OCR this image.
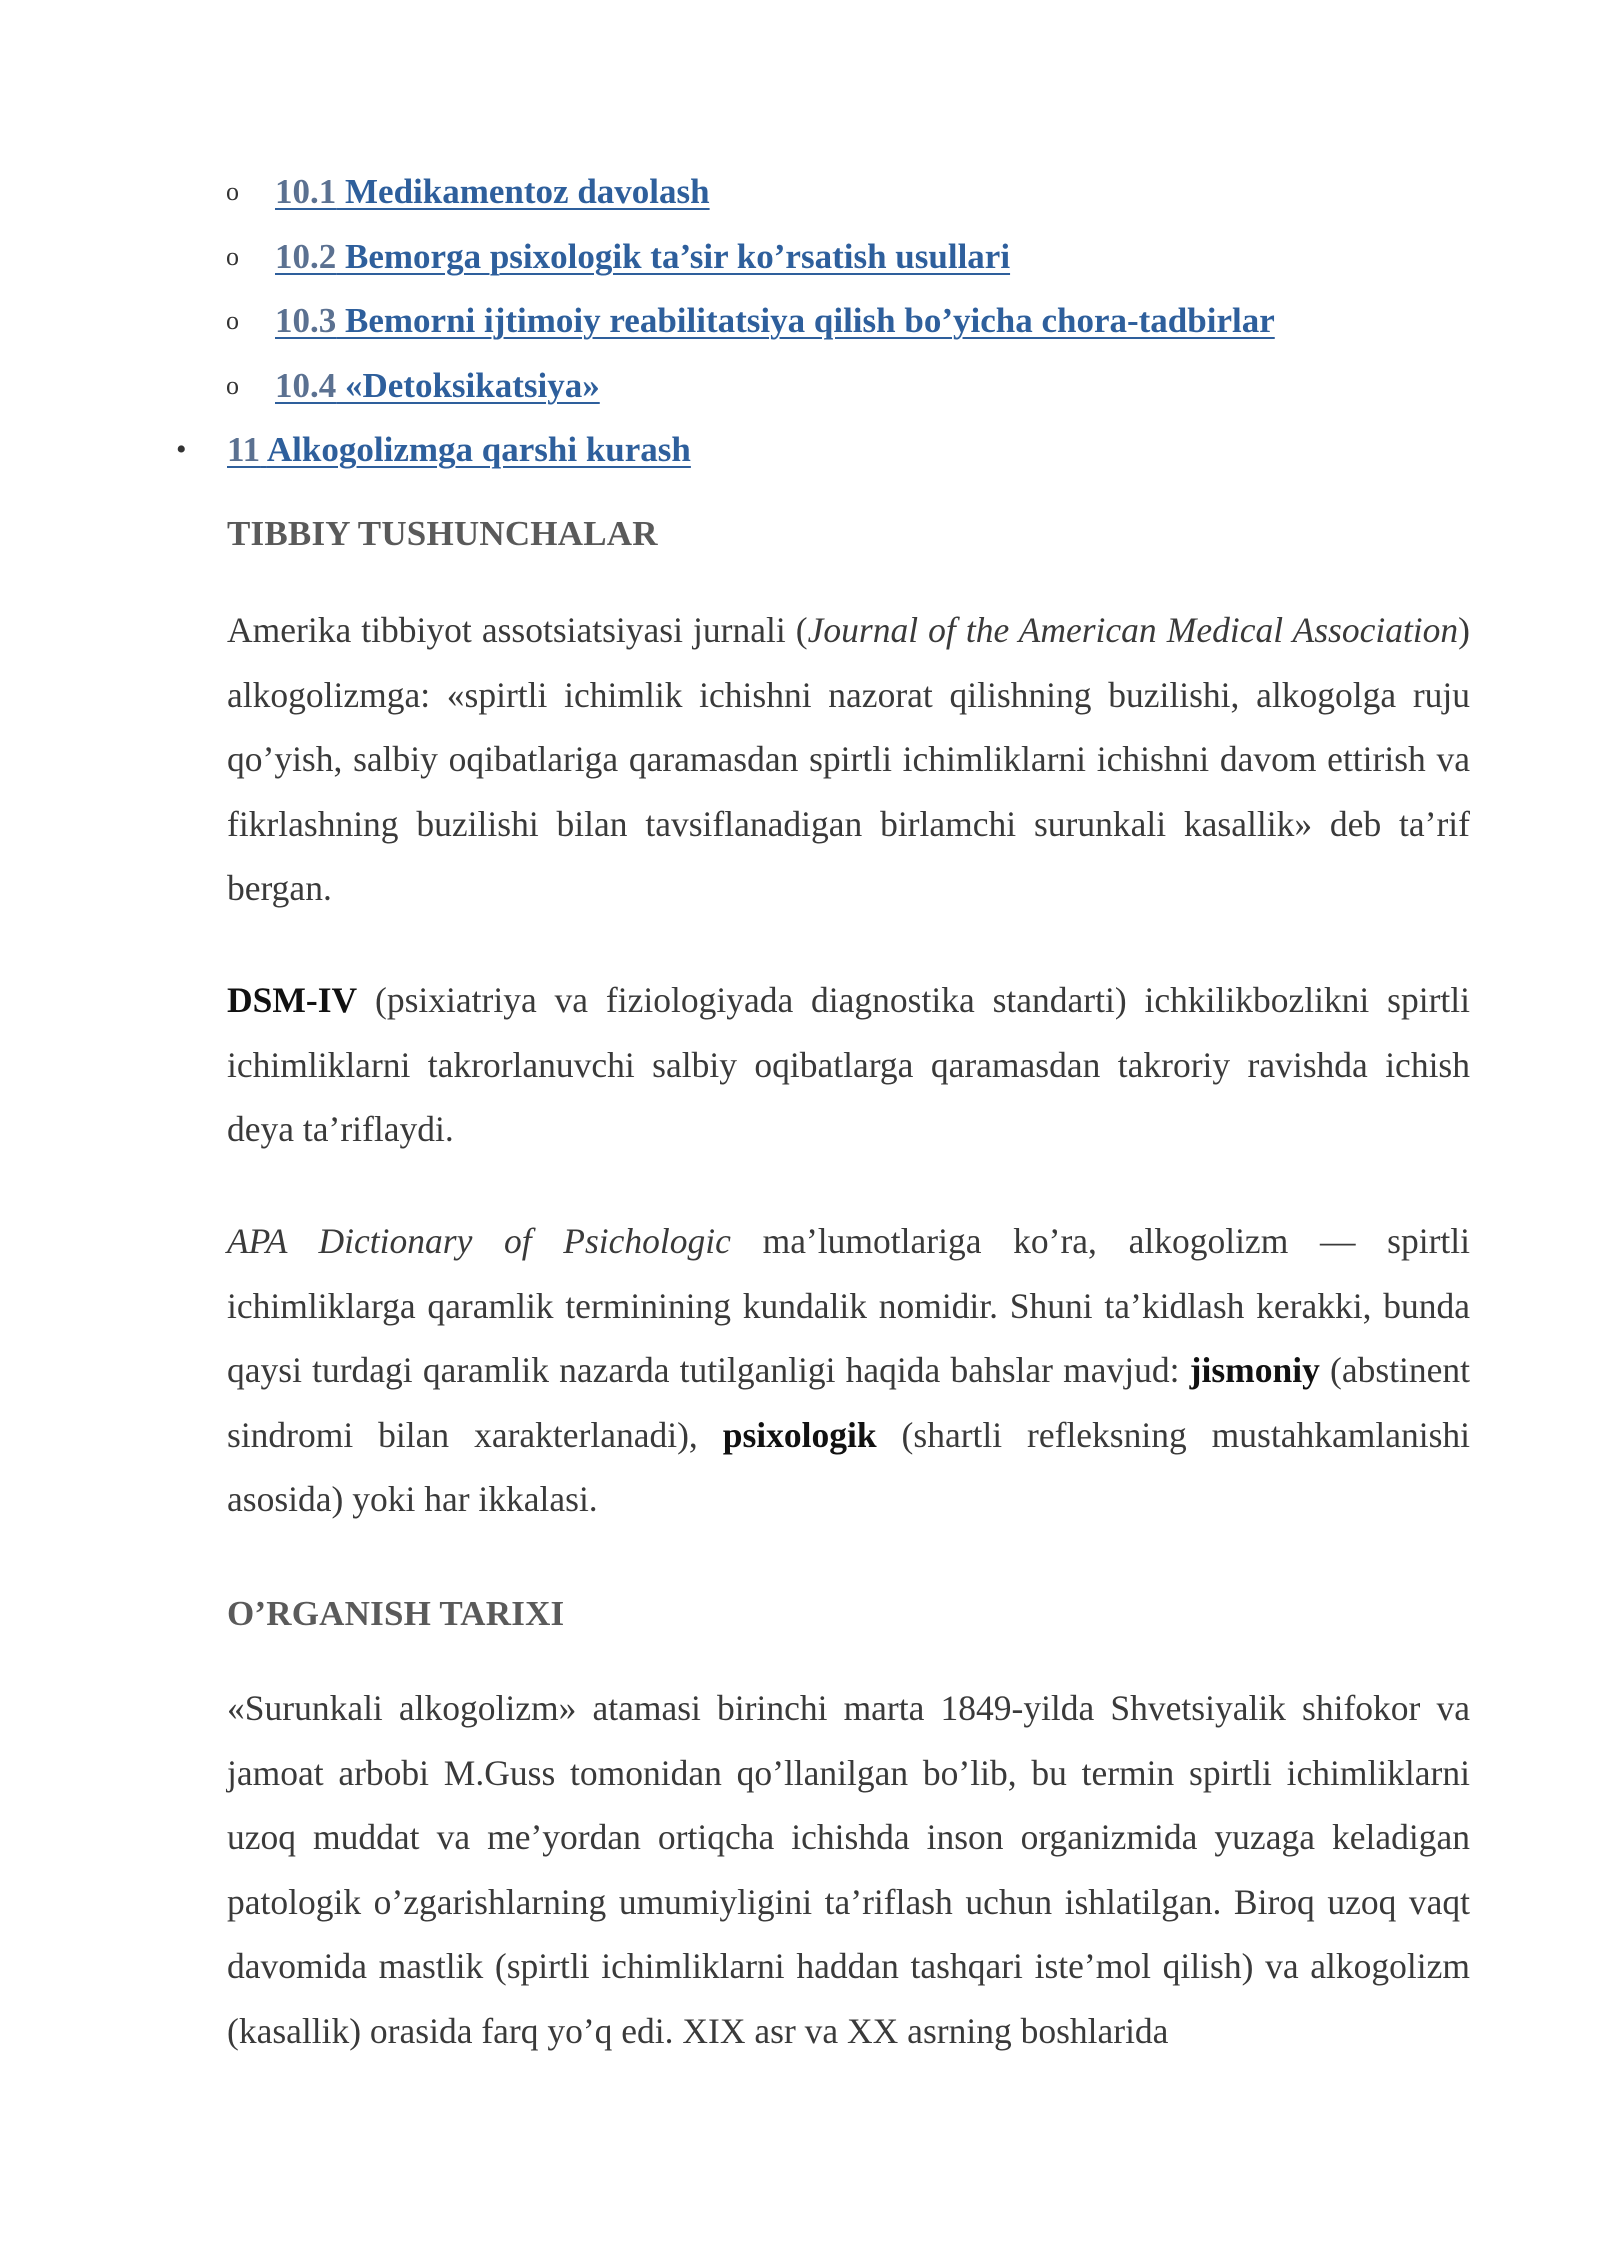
o 10.1 Medikamentoz davolash
o 10.2 Bemorga psixologik ta’sir ko’rsatish usullari
o 10.3 Bemorni ijtimoiy reabilitatsiya qilish bo’yicha chora-tadbirlar
o 10.4 «Detoksikatsiya»
• 11 Alkogolizmga qarshi kurash
TIBBIY TUSHUNCHALAR

Amerika tibbiyot assotsiatsiyasi jurnali (Journal of the American Medical Association) alkogolizmga: «spirtli ichimlik ichishni nazorat qilishning buzilishi, alkogolga ruju qo’yish, salbiy oqibatlariga qaramasdan spirtli ichimliklarni ichishni davom ettirish va fikrlashning buzilishi bilan tavsiflanadigan birlamchi surunkali kasallik» deb ta’rif bergan.

DSM-IV (psixiatriya va fiziologiyada diagnostika standarti) ichkilikbozlikni spirtli ichimliklarni takrorlanuvchi salbiy oqibatlarga qaramasdan takroriy ravishda ichish deya ta’riflaydi.

APA Dictionary of Psichologic ma’lumotlariga ko’ra, alkogolizm — spirtli ichimliklarga qaramlik terminining kundalik nomidir. Shuni ta’kidlash kerakki, bunda qaysi turdagi qaramlik nazarda tutilganligi haqida bahslar mavjud: jismoniy (abstinent sindromi bilan xarakterlanadi), psixologik (shartli refleksning mustahkamlanishi asosida) yoki har ikkalasi.

O’RGANISH TARIXI

«Surunkali alkogolizm» atamasi birinchi marta 1849-yilda Shvetsiyalik shifokor va jamoat arbobi M.Guss tomonidan qo’llanilgan bo’lib, bu termin spirtli ichimliklarni uzoq muddat va me’yordan ortiqcha ichishda inson organizmida yuzaga keladigan patologik o’zgarishlarning umumiyligini ta’riflash uchun ishlatilgan. Biroq uzoq vaqt davomida mastlik (spirtli ichimliklarni haddan tashqari iste’mol qilish) va alkogolizm (kasallik) orasida farq yo’q edi. XIX asr va XX asrning boshlarida
